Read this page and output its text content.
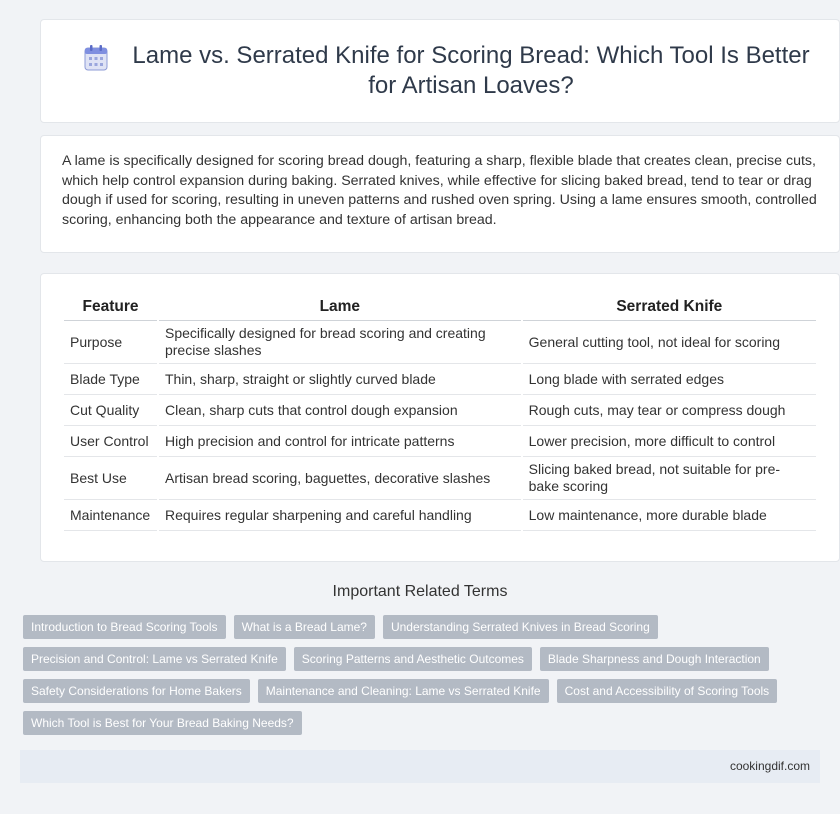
Lame vs. Serrated Knife for Scoring Bread: Which Tool Is Better for Artisan Loaves?
A lame is specifically designed for scoring bread dough, featuring a sharp, flexible blade that creates clean, precise cuts, which help control expansion during baking. Serrated knives, while effective for slicing baked bread, tend to tear or drag dough if used for scoring, resulting in uneven patterns and rushed oven spring. Using a lame ensures smooth, controlled scoring, enhancing both the appearance and texture of artisan bread.
Feature	Lame	Serrated Knife
Purpose	Specifically designed for bread scoring and creating precise slashes	General cutting tool, not ideal for scoring
Blade Type	Thin, sharp, straight or slightly curved blade	Long blade with serrated edges
Cut Quality	Clean, sharp cuts that control dough expansion	Rough cuts, may tear or compress dough
User Control	High precision and control for intricate patterns	Lower precision, more difficult to control
Best Use	Artisan bread scoring, baguettes, decorative slashes	Slicing baked bread, not suitable for pre-bake scoring
Maintenance	Requires regular sharpening and careful handling	Low maintenance, more durable blade
Important Related Terms
Introduction to Bread Scoring Tools	What is a Bread Lame?	Understanding Serrated Knives in Bread Scoring
Precision and Control: Lame vs Serrated Knife	Scoring Patterns and Aesthetic Outcomes	Blade Sharpness and Dough Interaction
Safety Considerations for Home Bakers	Maintenance and Cleaning: Lame vs Serrated Knife	Cost and Accessibility of Scoring Tools
Which Tool is Best for Your Bread Baking Needs?
cookingdif.com
